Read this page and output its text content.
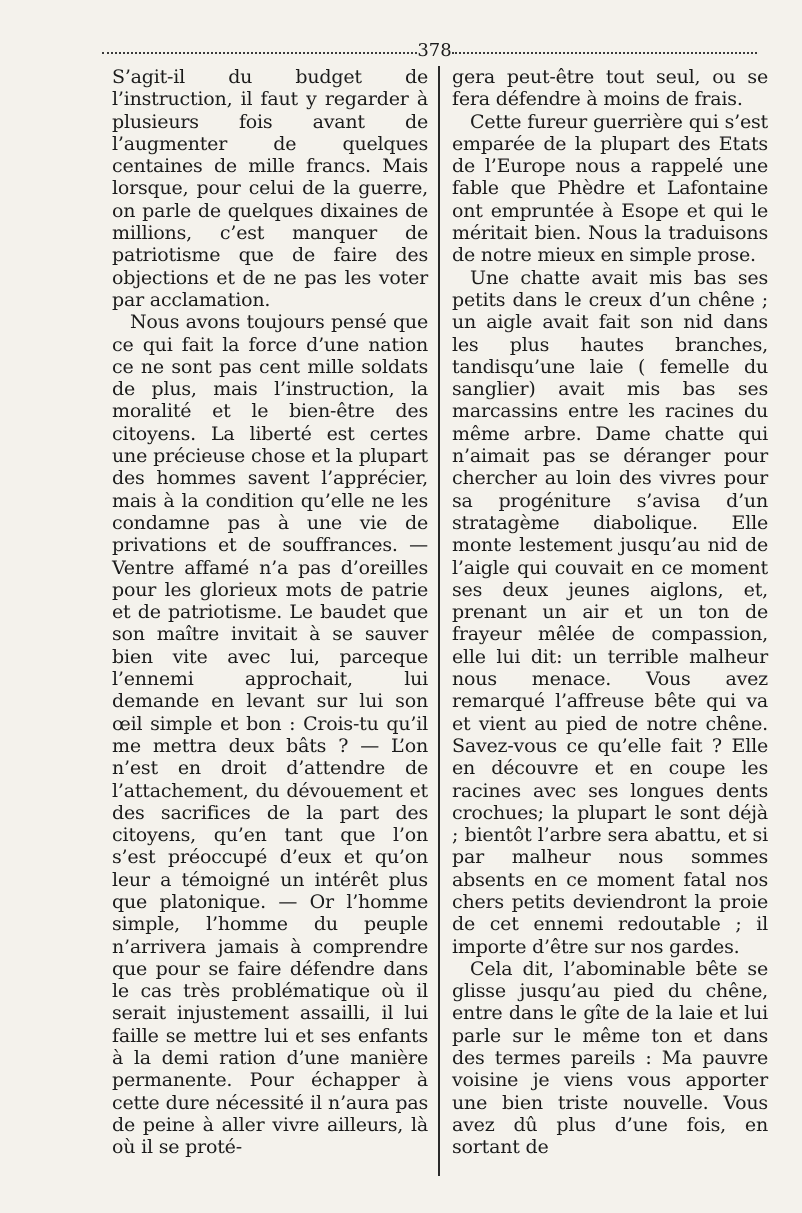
378

S’agit-il du budget de l’instruction, il faut y regarder à plusieurs fois avant de l’augmenter de quelques centaines de mille francs. Mais lorsque, pour celui de la guerre, on parle de quelques dixaines de millions, c’est manquer de patriotisme que de faire des objections et de ne pas les voter par acclamation.

Nous avons toujours pensé que ce qui fait la force d’une nation ce ne sont pas cent mille soldats de plus, mais l’instruction, la moralité et le bien-être des citoyens. La liberté est certes une précieuse chose et la plupart des hommes savent l’apprécier, mais à la condition qu’elle ne les condamne pas à une vie de privations et de souffrances. — Ventre affamé n’a pas d’oreilles pour les glorieux mots de patrie et de patriotisme. Le baudet que son maître invitait à se sauver bien vite avec lui, parceque l’ennemi approchait, lui demande en levant sur lui son œil simple et bon : Crois-tu qu’il me mettra deux bâts ? — L’on n’est en droit d’attendre de l’attachement, du dévouement et des sacrifices de la part des citoyens, qu’en tant que l’on s’est préoccupé d’eux et qu’on leur a témoigné un intérêt plus que platonique. — Or l’homme simple, l’homme du peuple n’arrivera jamais à comprendre que pour se faire défendre dans le cas très problématique où il serait injustement assailli, il lui faille se mettre lui et ses enfants à la demi ration d’une manière permanente. Pour échapper à cette dure nécessité il n’aura pas de peine à aller vivre ailleurs, là où il se proté-

gera peut-être tout seul, ou se fera défendre à moins de frais.

Cette fureur guerrière qui s’est emparée de la plupart des Etats de l’Europe nous a rappelé une fable que Phèdre et Lafontaine ont empruntée à Esope et qui le méritait bien. Nous la traduisons de notre mieux en simple prose.

Une chatte avait mis bas ses petits dans le creux d’un chêne ; un aigle avait fait son nid dans les plus hautes branches, tandisqu’une laie ( femelle du sanglier) avait mis bas ses marcassins entre les racines du même arbre. Dame chatte qui n’aimait pas se déranger pour chercher au loin des vivres pour sa progéniture s’avisa d’un stratagème diabolique. Elle monte lestement jusqu’au nid de l’aigle qui couvait en ce moment ses deux jeunes aiglons, et, prenant un air et un ton de frayeur mêlée de compassion, elle lui dit: un terrible malheur nous menace. Vous avez remarqué l’affreuse bête qui va et vient au pied de notre chêne. Savez-vous ce qu’elle fait ? Elle en découvre et en coupe les racines avec ses longues dents crochues; la plupart le sont déjà ; bientôt l’arbre sera abattu, et si par malheur nous sommes absents en ce moment fatal nos chers petits deviendront la proie de cet ennemi redoutable ; il importe d’être sur nos gardes.

Cela dit, l’abominable bête se glisse jusqu’au pied du chêne, entre dans le gîte de la laie et lui parle sur le même ton et dans des termes pareils : Ma pauvre voisine je viens vous apporter une bien triste nouvelle. Vous avez dû plus d’une fois, en sortant de
